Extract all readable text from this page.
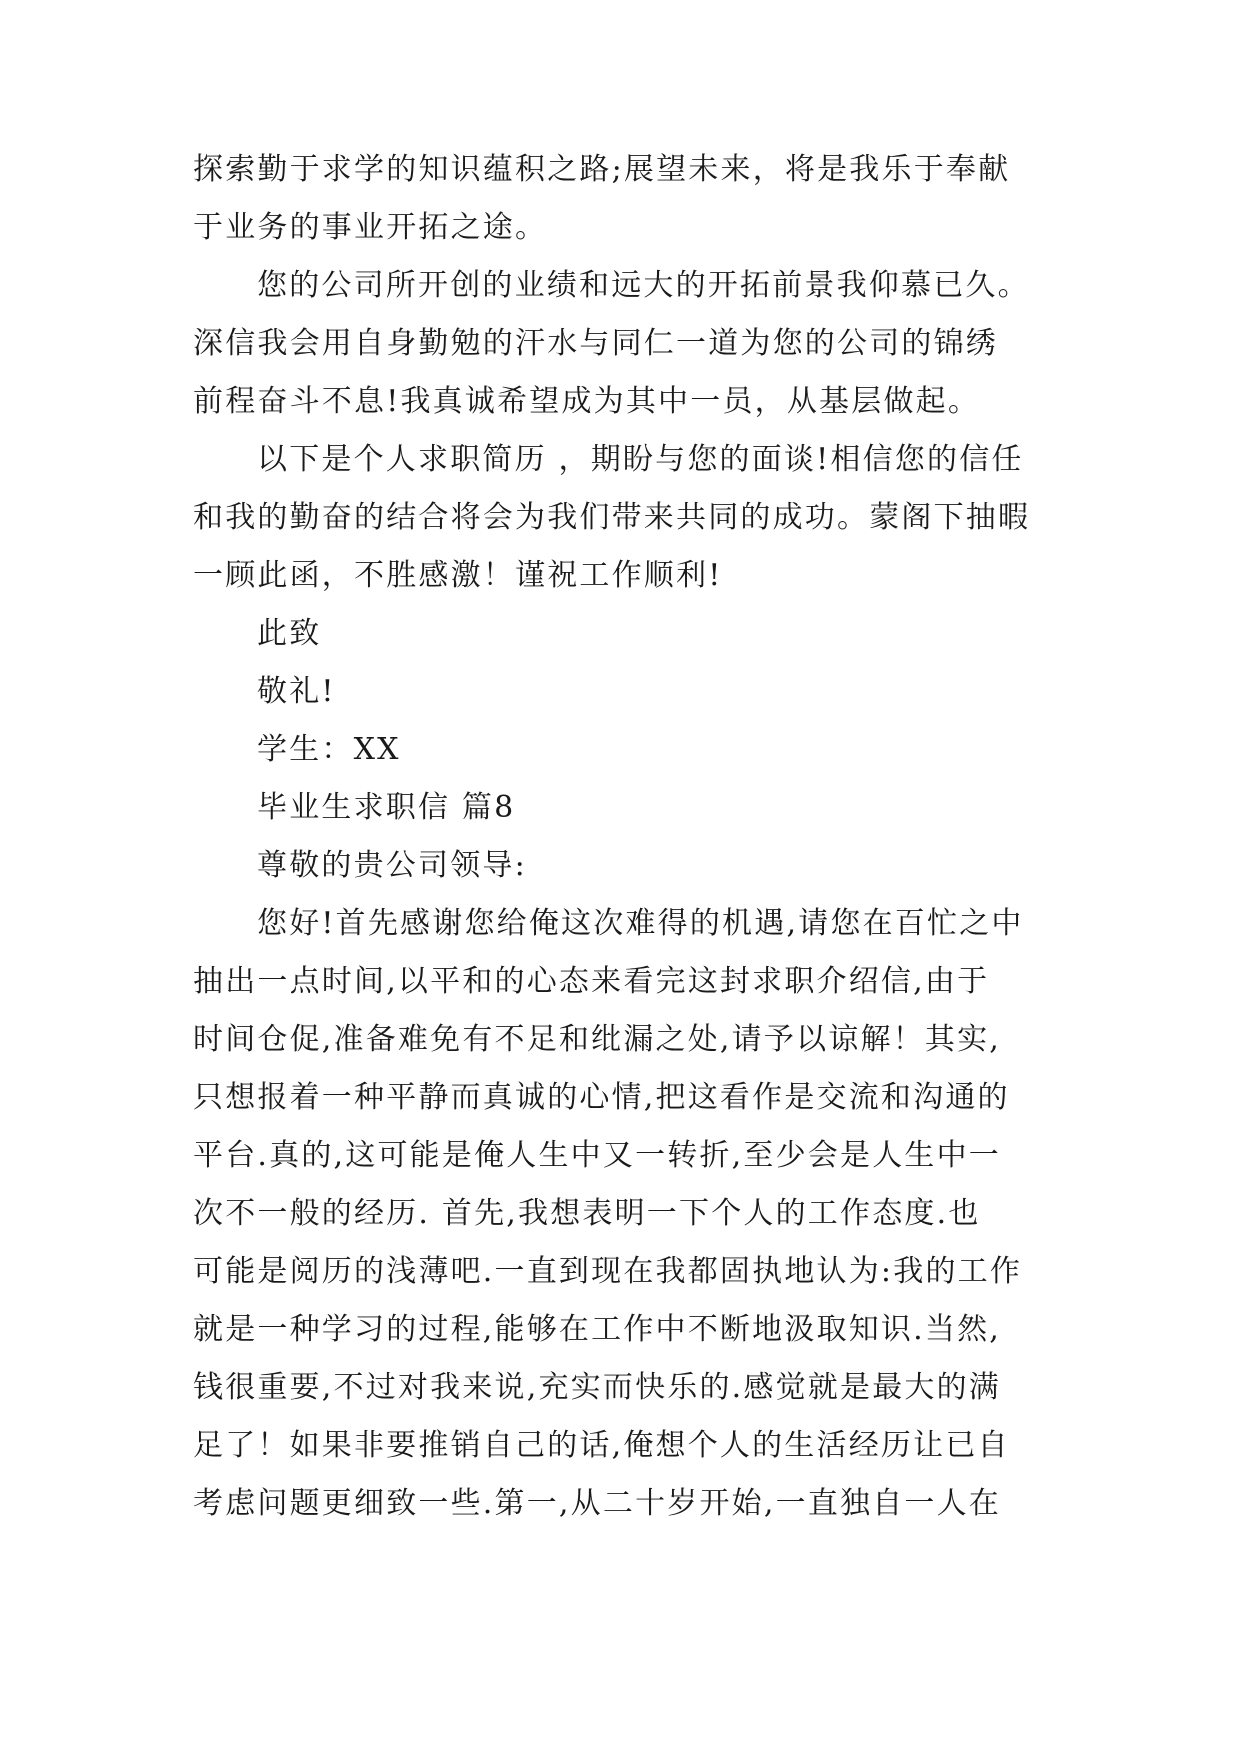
探索勤于求学的知识蕴积之路;展望未来，将是我乐于奉献
于业务的事业开拓之途。
您的公司所开创的业绩和远大的开拓前景我仰慕已久。
深信我会用自身勤勉的汗水与同仁一道为您的公司的锦绣
前程奋斗不息!我真诚希望成为其中一员，从基层做起。
以下是个人求职简历 ，期盼与您的面谈!相信您的信任
和我的勤奋的结合将会为我们带来共同的成功。蒙阁下抽暇
一顾此函，不胜感激！谨祝工作顺利!
此致
敬礼!
学生：XX
毕业生求职信 篇8
尊敬的贵公司领导:
您好!首先感谢您给俺这次难得的机遇,请您在百忙之中
抽出一点时间,以平和的心态来看完这封求职介绍信,由于
时间仓促,准备难免有不足和纰漏之处,请予以谅解！其实,
只想报着一种平静而真诚的心情,把这看作是交流和沟通的
平台.真的,这可能是俺人生中又一转折,至少会是人生中一
次不一般的经历. 首先,我想表明一下个人的工作态度.也
可能是阅历的浅薄吧.一直到现在我都固执地认为:我的工作
就是一种学习的过程,能够在工作中不断地汲取知识.当然,
钱很重要,不过对我来说,充实而快乐的.感觉就是最大的满
足了！如果非要推销自己的话,俺想个人的生活经历让已自
考虑问题更细致一些.第一,从二十岁开始,一直独自一人在
